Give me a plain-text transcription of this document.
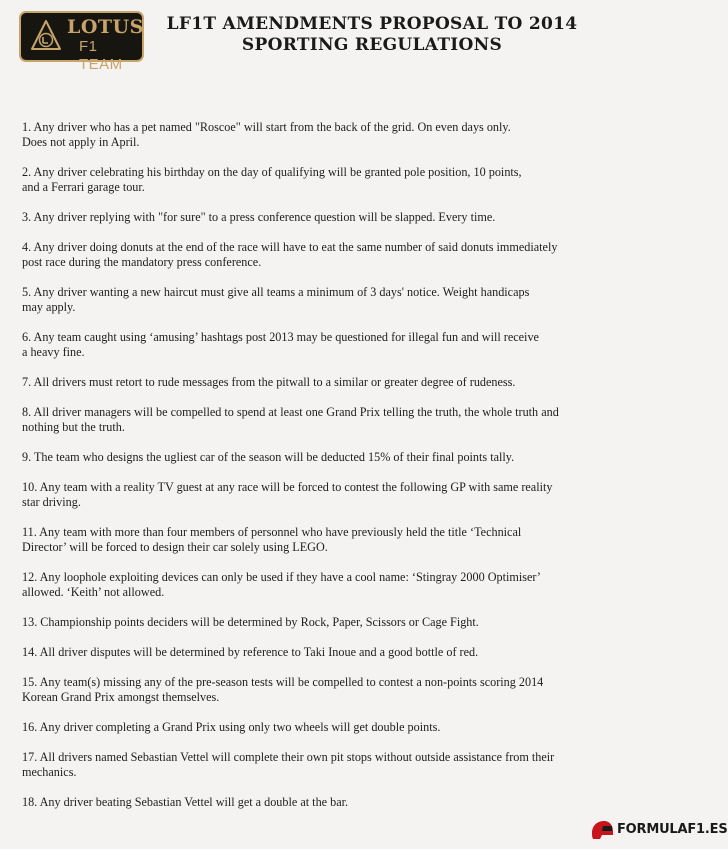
LOTUS
F1 TEAM
LF1T AMENDMENTS PROPOSAL TO 2014
SPORTING REGULATIONS
1. Any driver who has a pet named "Roscoe" will start from the back of the grid. On even days only.
Does not apply in April.
2. Any driver celebrating his birthday on the day of qualifying will be granted pole position, 10 points,
and a Ferrari garage tour.
3. Any driver replying with "for sure" to a press conference question will be slapped. Every time.
4. Any driver doing donuts at the end of the race will have to eat the same number of said donuts immediately
post race during the mandatory press conference.
5. Any driver wanting a new haircut must give all teams a minimum of 3 days' notice. Weight handicaps
may apply.
6. Any team caught using ‘amusing’ hashtags post 2013 may be questioned for illegal fun and will receive
a heavy fine.
7. All drivers must retort to rude messages from the pitwall to a similar or greater degree of rudeness.
8. All driver managers will be compelled to spend at least one Grand Prix telling the truth, the whole truth and
nothing but the truth.
9. The team who designs the ugliest car of the season will be deducted 15% of their final points tally.
10. Any team with a reality TV guest at any race will be forced to contest the following GP with same reality
star driving.
11. Any team with more than four members of personnel who have previously held the title ‘Technical
Director’ will be forced to design their car solely using LEGO.
12. Any loophole exploiting devices can only be used if they have a cool name: ‘Stingray 2000 Optimiser’
allowed. ‘Keith’ not allowed.
13. Championship points deciders will be determined by Rock, Paper, Scissors or Cage Fight.
14. All driver disputes will be determined by reference to Taki Inoue and a good bottle of red.
15. Any team(s) missing any of the pre-season tests will be compelled to contest a non-points scoring 2014
Korean Grand Prix amongst themselves.
16. Any driver completing a Grand Prix using only two wheels will get double points.
17. All drivers named Sebastian Vettel will complete their own pit stops without outside assistance from their
mechanics.
18. Any driver beating Sebastian Vettel will get a double at the bar.
FORMULAF1.ES
